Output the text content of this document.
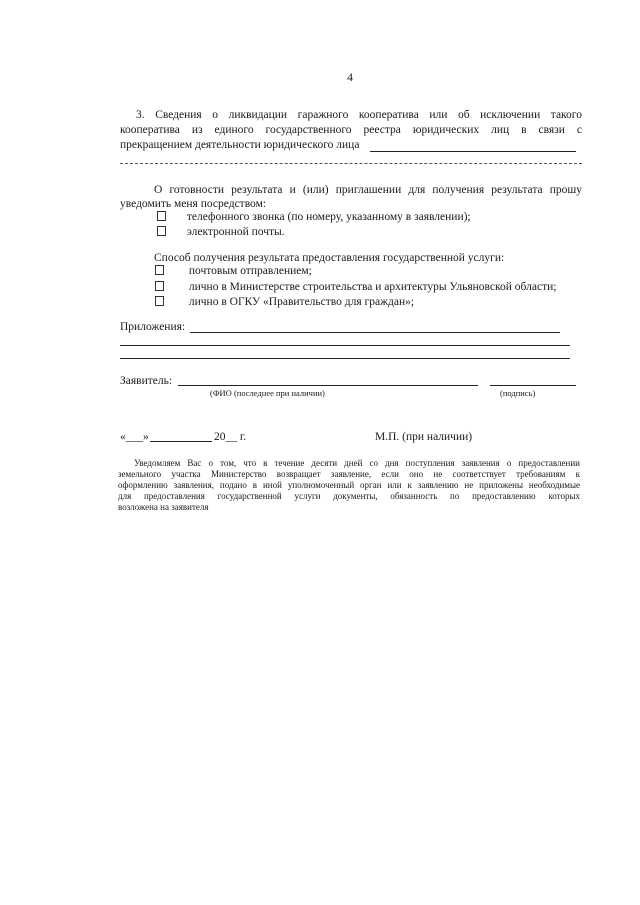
4
3. Сведения о ликвидации гаражного кооператива или об исключении такого
кооператива из единого государственного реестра юридических лиц в связи с
прекращением деятельности юридического лица
О готовности результата и (или) приглашении для получения результата прошу
уведомить меня посредством:
телефонного звонка (по номеру, указанному в заявлении);
электронной почты.
Способ получения результата предоставления государственной услуги:
почтовым отправлением;
лично в Министерстве строительства и архитектуры Ульяновской области;
лично в ОГКУ «Правительство для граждан»;
Приложения:
Заявитель:
(ФИО (последнее при наличии)	(подпись)
«___»	20__ г.	М.П. (при наличии)
Уведомляем Вас о том, что в течение десяти дней со дня поступления заявления о предоставлении
земельного участка Министерство возвращает заявление, если оно не соответствует требованиям к
оформлению заявления, подано в иной уполномоченный орган или к заявлению не приложены необходимые
для предоставления государственной услуги документы, обязанность по предоставлению которых
возложена на заявителя
